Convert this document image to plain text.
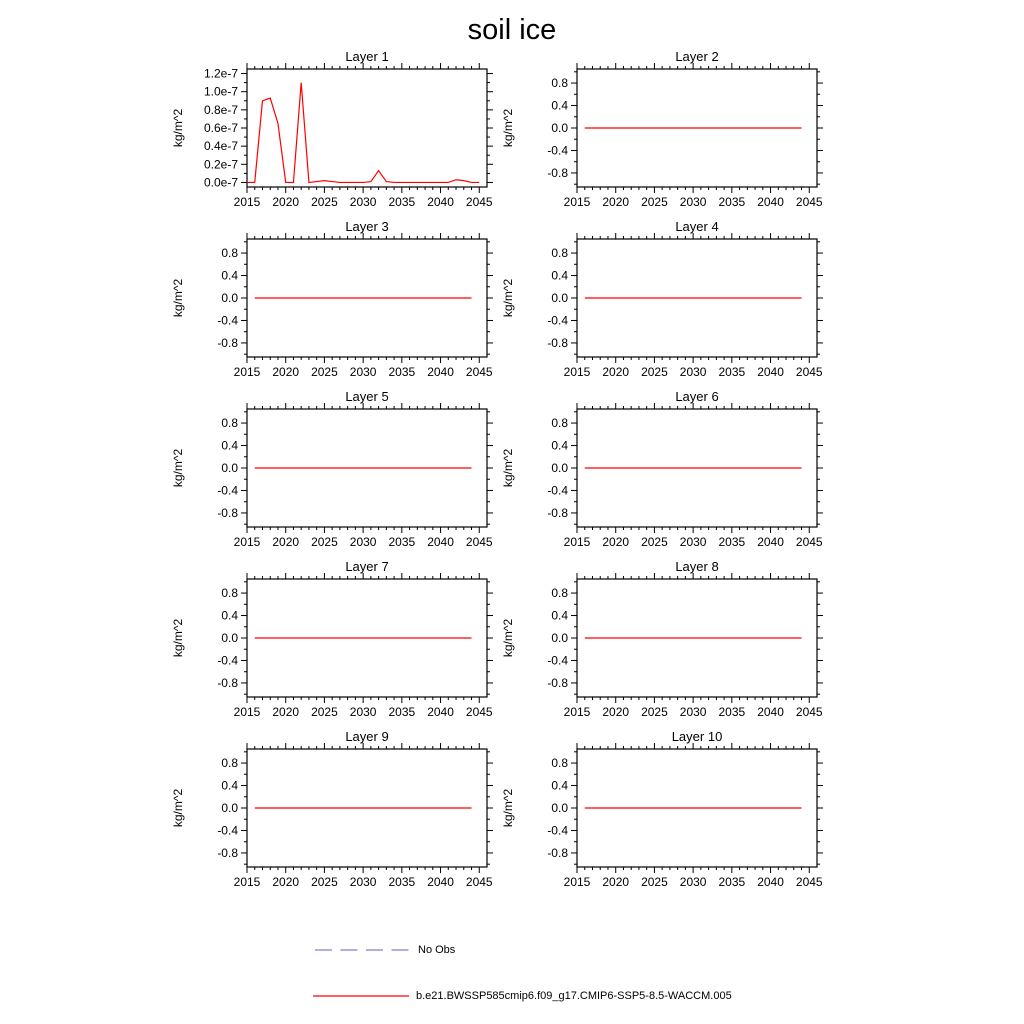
soil ice
Layer 1
2015 2020 2025 2030 2035 2040 2045
0.0e-7
0.2e-7
0.4e-7
0.6e-7
0.8e-7
1.0e-7
1.2e-7
kg/m^2
Layer 2
2015 2020 2025 2030 2035 2040 2045
-0.8
-0.4
0.0
0.4
0.8
kg/m^2
Layer 3
2015 2020 2025 2030 2035 2040 2045
-0.8
-0.4
0.0
0.4
0.8
kg/m^2
Layer 4
2015 2020 2025 2030 2035 2040 2045
-0.8
-0.4
0.0
0.4
0.8
kg/m^2
Layer 5
2015 2020 2025 2030 2035 2040 2045
-0.8
-0.4
0.0
0.4
0.8
kg/m^2
Layer 6
2015 2020 2025 2030 2035 2040 2045
-0.8
-0.4
0.0
0.4
0.8
kg/m^2
Layer 7
2015 2020 2025 2030 2035 2040 2045
-0.8
-0.4
0.0
0.4
0.8
kg/m^2
Layer 8
2015 2020 2025 2030 2035 2040 2045
-0.8
-0.4
0.0
0.4
0.8
kg/m^2
Layer 9
2015 2020 2025 2030 2035 2040 2045
-0.8
-0.4
0.0
0.4
0.8
kg/m^2
Layer 10
2015 2020 2025 2030 2035 2040 2045
-0.8
-0.4
0.0
0.4
0.8
kg/m^2
No Obs
b.e21.BWSSP585cmip6.f09_g17.CMIP6-SSP5-8.5-WACCM.005
